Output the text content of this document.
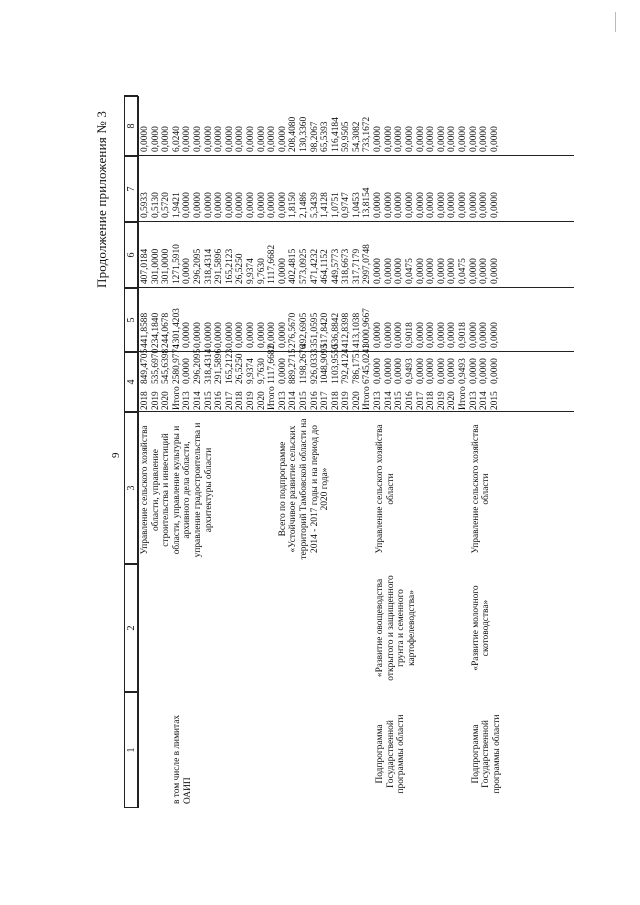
Продолжение приложения № 3
9
1
2
3
4
5
6
7
8
в том числе в лимитах ОАИП
Управление сельского хозяйства области, управление строительства и инвестиций области, управление культуры и архивного дела области, управление градостроительства и архитектуры области	Всего по подпрограмме «Устойчивое развитие сельских территорий Тамбовской области на 2014 - 2017 годы и на период до 2020 года»
Подпрограмма Государственной программы области
«Развитие овощеводства открытого и защищенного грунта и семенного картофелеводства»
Управление сельского хозяйства области
Подпрограмма Государственной программы области
«Развитие молочного скотоводства»
Управление сельского хозяйства области
2018 2019 2020 Итого 2013 2014 2015 2016 2017 2018 2019 2020 Итого 2013 2014 2015 2016 2017 2018 2019 2020 Итого
849,4705 535,6970 545,6398 2580,9774 0,0000 296,2095 318,4314 291,5896 165,2123 26,5250 9,9374 9,7630 1117,6682 0,0000 889,2715 1198,2676 926,0333 1048,9093 1103,9550 792,4124 786,1751 6745,0241
441,8588 234,1840 244,0678 1301,4203 0,0000 0,0000 0,0000 0,0000 0,0000 0,0000 0,0000 0,0000 0,0000 0,0000 276,5670 492,6905 351,0595 517,8420 536,8842 412,8398 413,1038 3000,9667
407,0184 301,0000 301,0000 1271,5910 0,0000 296,2095 318,4314 291,5896 165,2123 26,5250 9,9374 9,7630 1117,6682 0,0000 402,4815 573,0925 471,4232 464,1152 449,5773 318,6673 317,7179 2997,0748
0,5933 0,5130 0,5720 1,9421 0,0000 0,0000 0,0000 0,0000 0,0000 0,0000 0,0000 0,0000 0,0000 0,0000 1,8150 2,1486 5,3439 1,4128 1,0751 0,9747 1,0453 13,8154
0,0000 0,0000 0,0000 6,0240 0,0000 0,0000 0,0000 0,0000 0,0000 0,0000 0,0000 0,0000 0,0000 0,0000 208,4080 130,3360 98,2067 65,5393 116,4184 59,9505 54,3082 733,1672
2013 2014 2015 2016 2017 2018 2019 2020 Итого
0,0000 0,0000 0,0000 0,9493 0,0000 0,0000 0,0000 0,0000 0,9493
0,0000 0,0000 0,0000 0,9018 0,0000 0,0000 0,0000 0,0000 0,9018
0,0000 0,0000 0,0000 0,0475 0,0000 0,0000 0,0000 0,0000 0,0475
0,0000 0,0000 0,0000 0,0000 0,0000 0,0000 0,0000 0,0000 0,0000
0,0000 0,0000 0,0000 0,0000 0,0000 0,0000 0,0000 0,0000 0,0000
2013 2014 2015
0,0000 0,0000 0,0000
0,0000 0,0000 0,0000
0,0000 0,0000 0,0000
0,0000 0,0000 0,0000
0,0000 0,0000 0,0000
